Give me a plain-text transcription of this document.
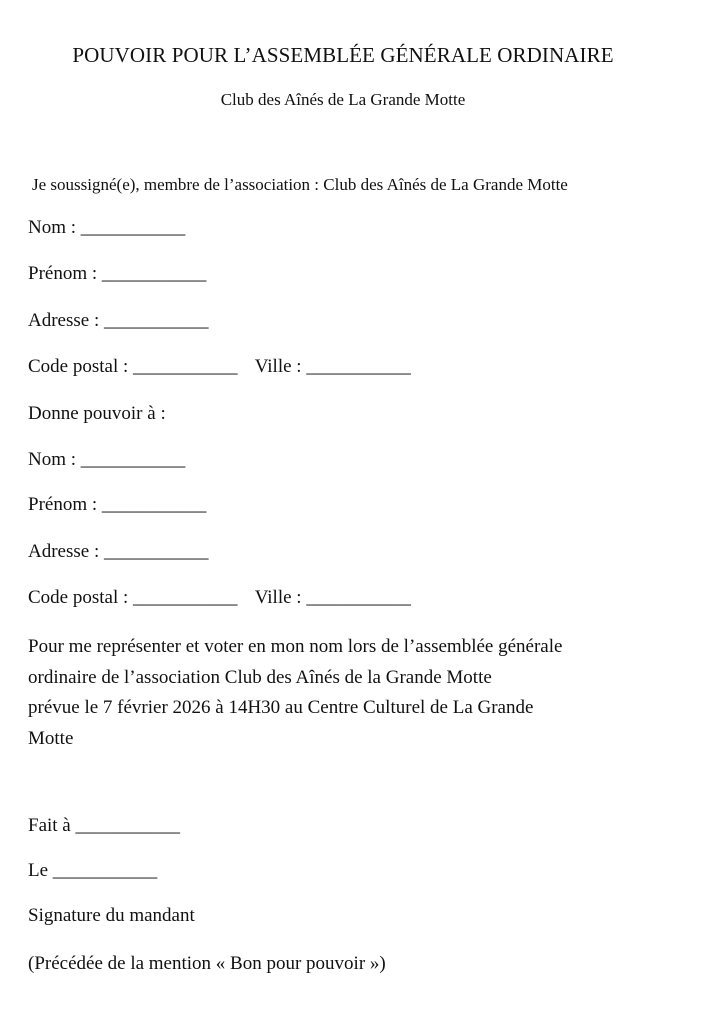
POUVOIR POUR L’ASSEMBLÉE GÉNÉRALE ORDINAIRE
Club des Aînés de La Grande Motte
Je soussigné(e), membre de l’association : Club des Aînés de La Grande Motte
Nom : ___________
Prénom : ___________
Adresse : ___________
Code postal : ___________ Ville : ___________
Donne pouvoir à :
Nom : ___________
Prénom : ___________
Adresse : ___________
Code postal : ___________ Ville : ___________
Pour me représenter et voter en mon nom lors de l’assemblée générale
ordinaire de l’association Club des Aînés de la Grande Motte
prévue le 7 février 2026 à 14H30 au Centre Culturel de La Grande
Motte
Fait à ___________
Le ___________
Signature du mandant
(Précédée de la mention « Bon pour pouvoir »)
